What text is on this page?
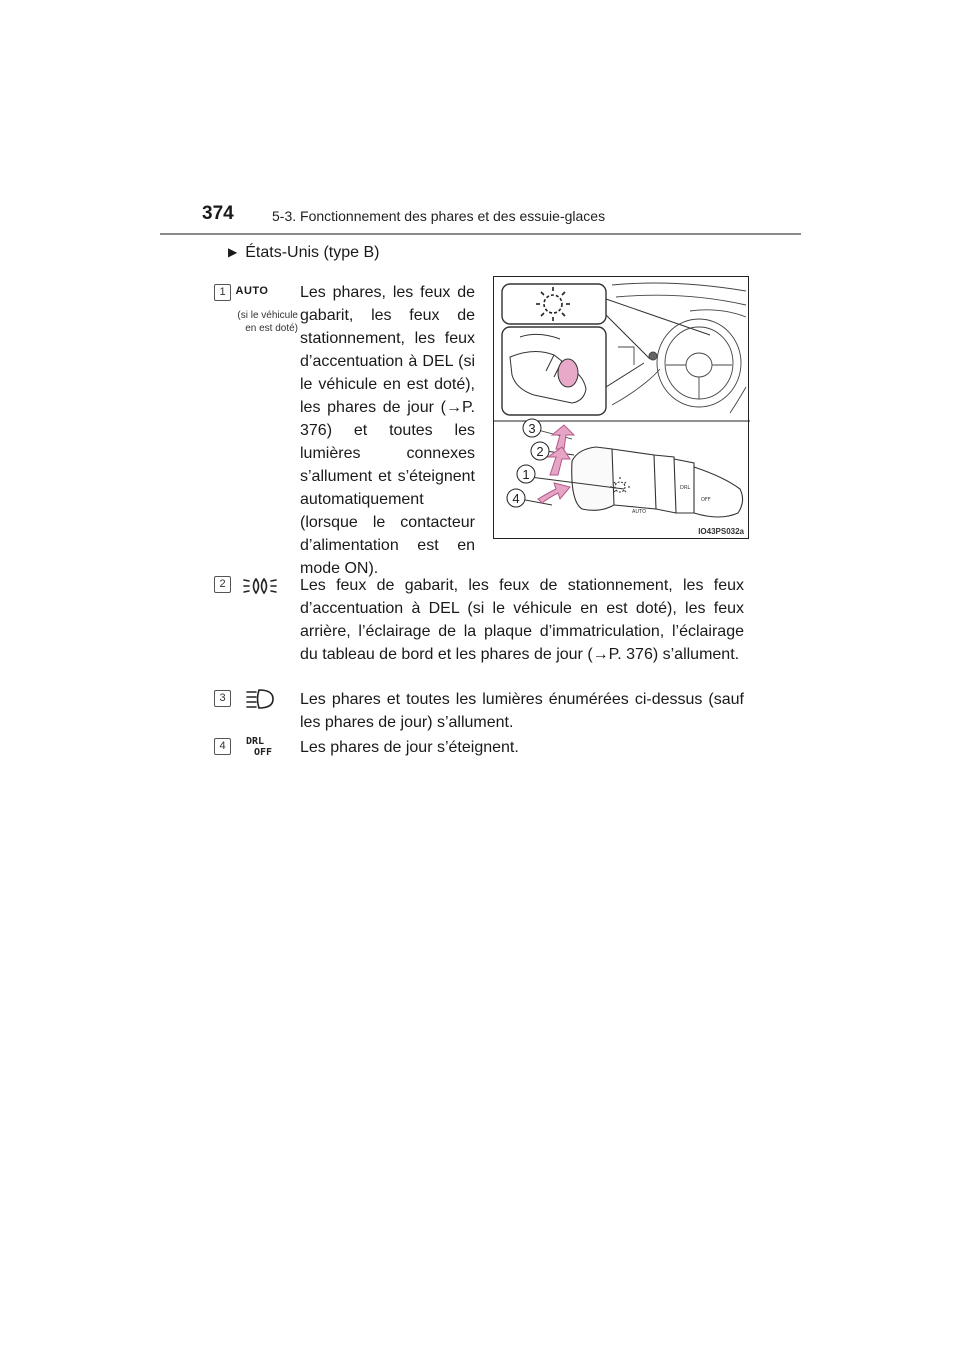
374	5-3. Fonctionnement des phares et des essuie-glaces
▶ États-Unis (type B)
1 AUTO
(si le véhicule en est doté)
Les phares, les feux de gabarit, les feux de stationnement, les feux d’accentuation à DEL (si le véhicule en est doté), les phares de jour (→P. 376) et toutes les lumières connexes s’allument et s’éteignent automatiquement (lorsque le contacteur d’alimentation est en mode ON).
AUTO
DRL
OFF
3
2
1
4
IO43PS032a
2	Les feux de gabarit, les feux de stationnement, les feux d’accentuation à DEL (si le véhicule en est doté), les feux arrière, l’éclairage de la plaque d’immatriculation, l’éclairage du tableau de bord et les phares de jour (→P. 376) s’allument.
3	Les phares et toutes les lumières énumérées ci-dessus (sauf les phares de jour) s’allument.
4	DRL
OFF Les phares de jour s’éteignent.
